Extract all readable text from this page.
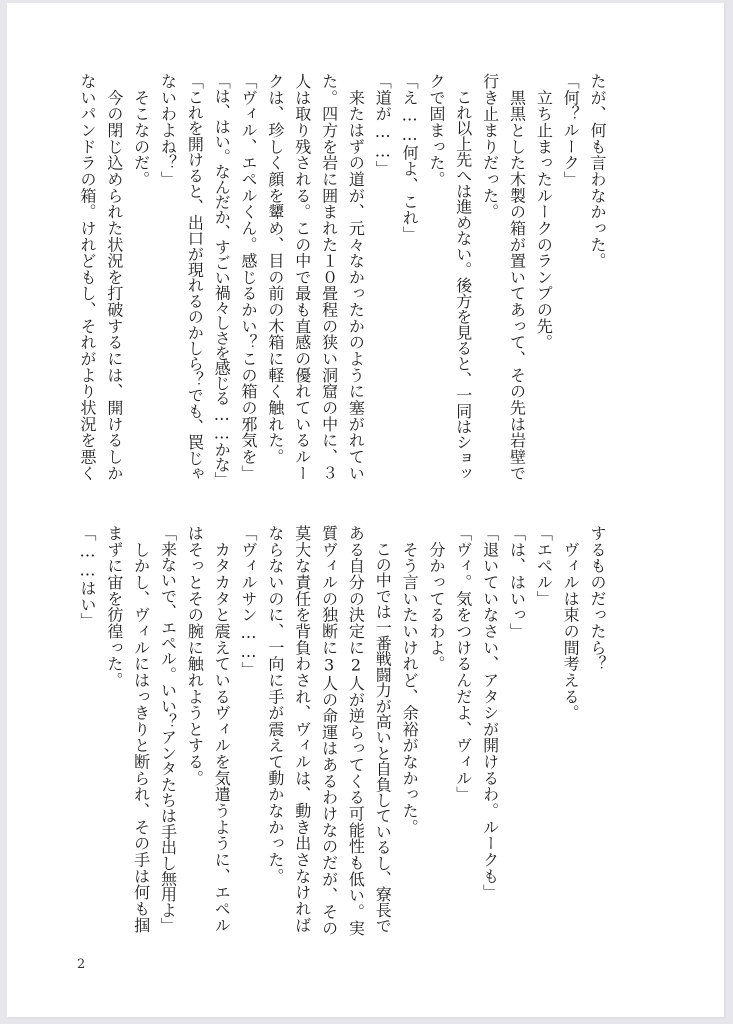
たが、何も言わなかった。
「何？ルーク」
　立ち止まったルークのランプの先。
　黒黒とした木製の箱が置いてあって、その先は岩壁で
行き止まりだった。
　これ以上先へは進めない。後方を見ると、一同はショッ
クで固まった。
「え……何よ、これ」
「道が……」
　来たはずの道が、元々なかったかのように塞がれてい
た。四方を岩に囲まれた１０畳程の狭い洞窟の中に、３
人は取り残される。この中で最も直感の優れているルー
クは、珍しく顔を顰め、目の前の木箱に軽く触れた。
「ヴィル、エペルくん。感じるかい？この箱の邪気を」
「は、はい。なんだか、すごい禍々しさを感じる……かな」
「これを開けると、出口が現れるのかしら？でも、罠じゃ
ないわよね？」
　そこなのだ。
　今の閉じ込められた状況を打破するには、開けるしか
ないパンドラの箱。けれどもし、それがより状況を悪く
するものだったら？
　ヴィルは束の間考える。
「エペル」
「は、はいっ」
「退いていなさい、アタシが開けるわ。ルークも」
「ヴィ。気をつけるんだよ、ヴィル」
　分かってるわよ。
　そう言いたいけれど、余裕がなかった。
　この中では一番戦闘力が高いと自負しているし、寮長で
ある自分の決定に2人が逆らってくる可能性も低い。実
質ヴィルの独断に3人の命運はあるわけなのだが、その
莫大な責任を背負わされ、ヴィルは、動き出さなければ
ならないのに、一向に手が震えて動かなかった。
「ヴィルサン……」
　カタカタと震えているヴィルを気遣うように、エペル
はそっとその腕に触れようとする。
「来ないで、エペル。いい？アンタたちは手出し無用よ」
　しかし、ヴィルにはっきりと断られ、その手は何も掴
まずに宙を彷徨った。
「……はい」
2
